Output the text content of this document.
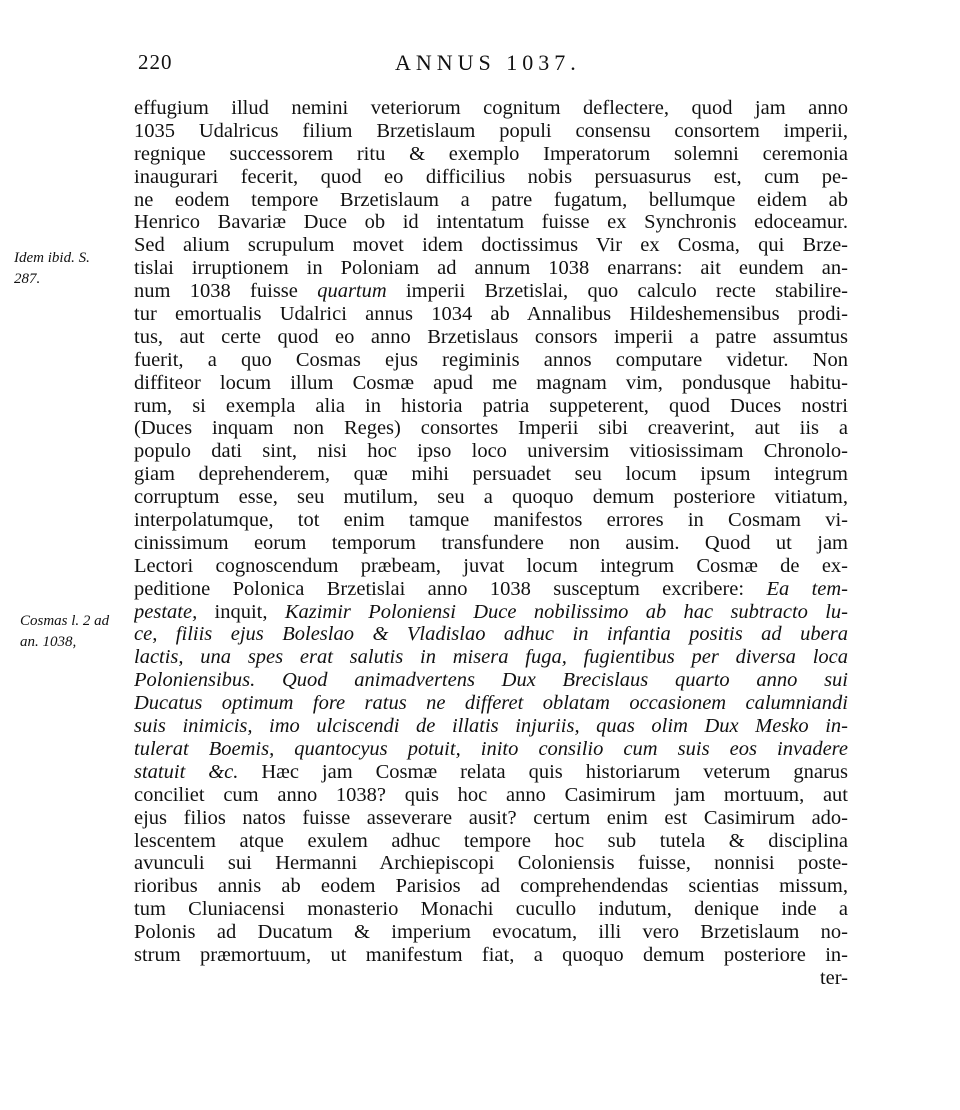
220	ANNUS 1037.
Idem ibid. S.
287.
Cosmas l. 2 ad
an. 1038,
effugium illud nemini veteriorum cognitum deflectere, quod jam anno
1035 Udalricus filium Brzetislaum populi consensu consortem imperii,
regnique successorem ritu & exemplo Imperatorum solemni ceremonia
inaugurari fecerit, quod eo difficilius nobis persuasurus est, cum pe-
ne eodem tempore Brzetislaum a patre fugatum, bellumque eidem ab
Henrico Bavariæ Duce ob id intentatum fuisse ex Synchronis edoceamur.
Sed alium scrupulum movet idem doctissimus Vir ex Cosma, qui Brze-
tislai irruptionem in Poloniam ad annum 1038 enarrans: ait eundem an-
num 1038 fuisse quartum imperii Brzetislai, quo calculo recte stabilire-
tur emortualis Udalrici annus 1034 ab Annalibus Hildeshemensibus prodi-
tus, aut certe quod eo anno Brzetislaus consors imperii a patre assumtus
fuerit, a quo Cosmas ejus regiminis annos computare videtur. Non
diffiteor locum illum Cosmæ apud me magnam vim, pondusque habitu-
rum, si exempla alia in historia patria suppeterent, quod Duces nostri
(Duces inquam non Reges) consortes Imperii sibi creaverint, aut iis a
populo dati sint, nisi hoc ipso loco universim vitiosissimam Chronolo-
giam deprehenderem, quæ mihi persuadet seu locum ipsum integrum
corruptum esse, seu mutilum, seu a quoquo demum posteriore vitiatum,
interpolatumque, tot enim tamque manifestos errores in Cosmam vi-
cinissimum eorum temporum transfundere non ausim. Quod ut jam
Lectori cognoscendum præbeam, juvat locum integrum Cosmæ de ex-
peditione Polonica Brzetislai anno 1038 susceptum excribere: Ea tem-
pestate, inquit, Kazimir Poloniensi Duce nobilissimo ab hac subtracto lu-
ce, filiis ejus Boleslao & Vladislao adhuc in infantia positis ad ubera
lactis, una spes erat salutis in misera fuga, fugientibus per diversa loca
Poloniensibus. Quod animadvertens Dux Brecislaus quarto anno sui
Ducatus optimum fore ratus ne differet oblatam occasionem calumniandi
suis inimicis, imo ulciscendi de illatis injuriis, quas olim Dux Mesko in-
tulerat Boemis, quantocyus potuit, inito consilio cum suis eos invadere
statuit &c. Hæc jam Cosmæ relata quis historiarum veterum gnarus
conciliet cum anno 1038? quis hoc anno Casimirum jam mortuum, aut
ejus filios natos fuisse asseverare ausit? certum enim est Casimirum ado-
lescentem atque exulem adhuc tempore hoc sub tutela & disciplina
avunculi sui Hermanni Archiepiscopi Coloniensis fuisse, nonnisi poste-
rioribus annis ab eodem Parisios ad comprehendendas scientias missum,
tum Cluniacensi monasterio Monachi cucullo indutum, denique inde a
Polonis ad Ducatum & imperium evocatum, illi vero Brzetislaum no-
strum præmortuum, ut manifestum fiat, a quoquo demum posteriore in-
ter-
